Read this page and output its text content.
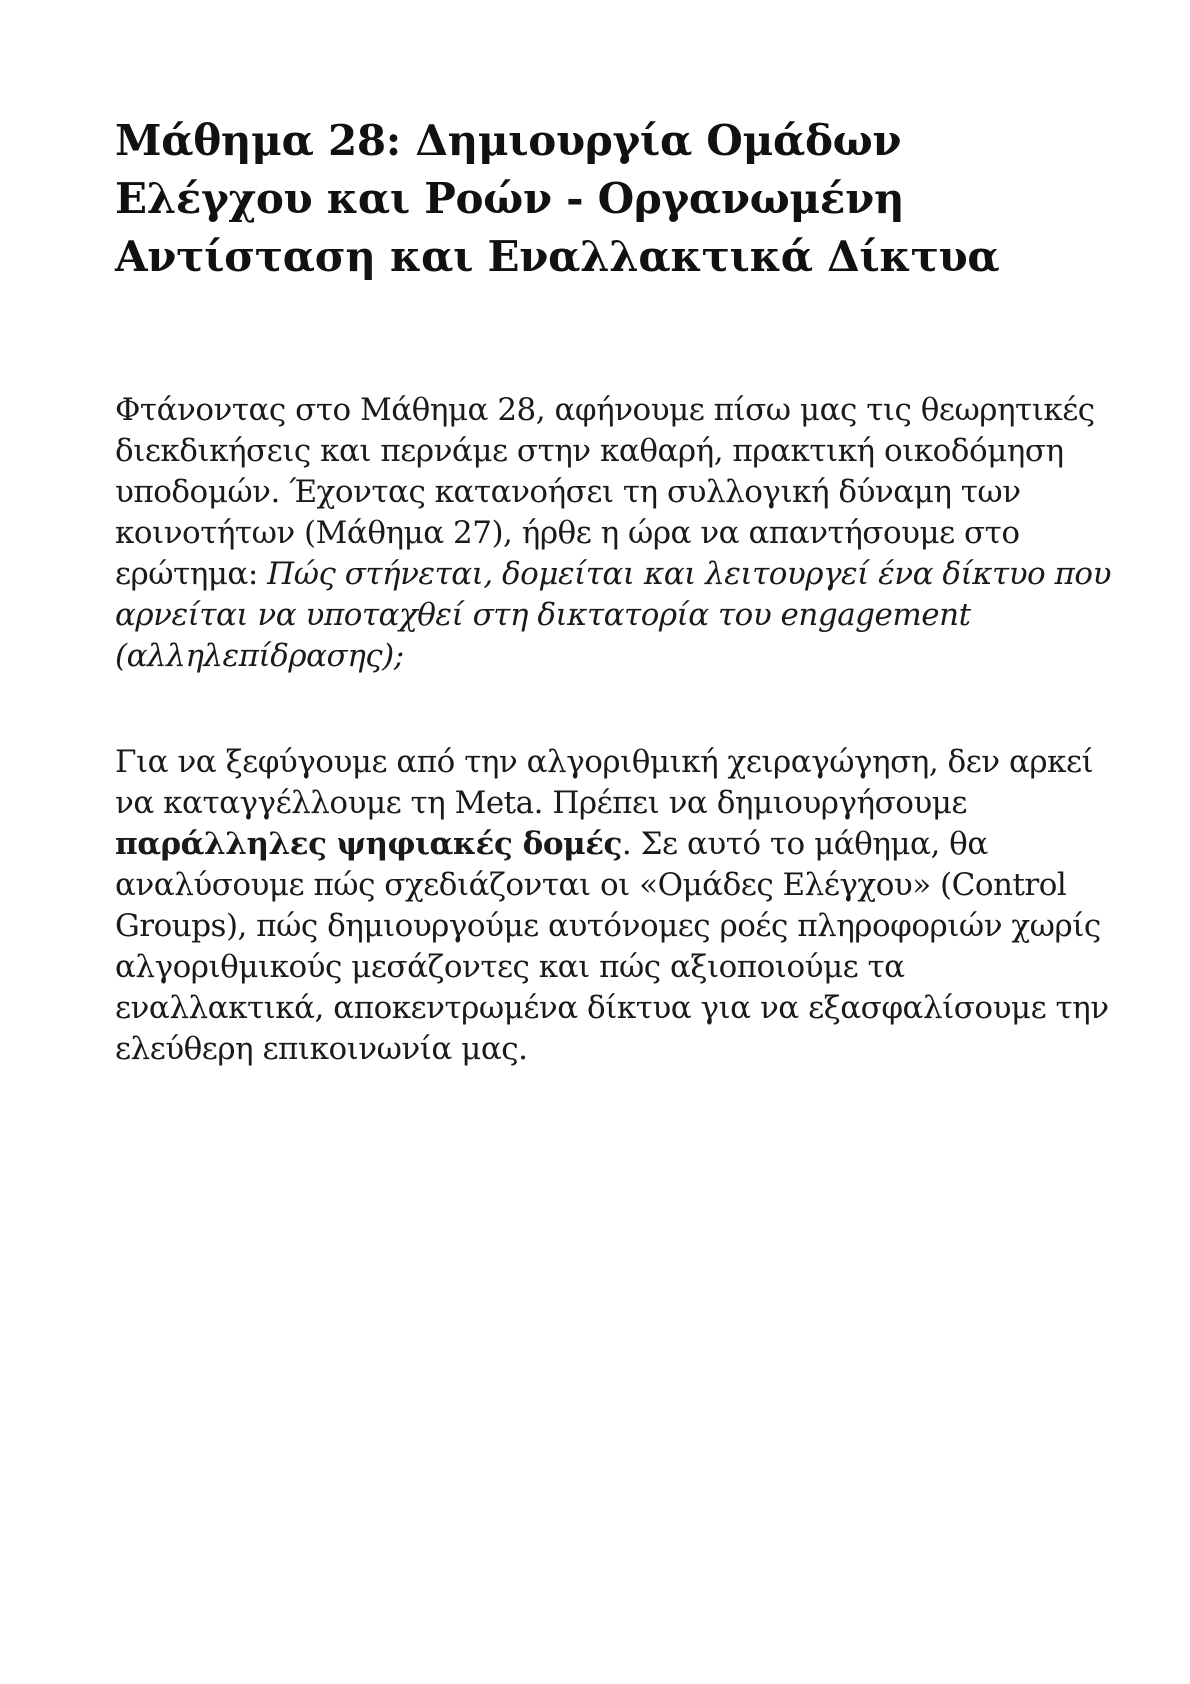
Μάθημα 28: Δημιουργία Ομάδων Ελέγχου και Ροών - Οργανωμένη Αντίσταση και Εναλλακτικά Δίκτυα

Φτάνοντας στο Μάθημα 28, αφήνουμε πίσω μας τις θεωρητικές διεκδικήσεις και περνάμε στην καθαρή, πρακτική οικοδόμηση υποδομών. Έχοντας κατανοήσει τη συλλογική δύναμη των κοινοτήτων (Μάθημα 27), ήρθε η ώρα να απαντήσουμε στο ερώτημα: Πώς στήνεται, δομείται και λειτουργεί ένα δίκτυο που αρνείται να υποταχθεί στη δικτατορία του engagement (αλληλεπίδρασης);

Για να ξεφύγουμε από την αλγοριθμική χειραγώγηση, δεν αρκεί να καταγγέλλουμε τη Meta. Πρέπει να δημιουργήσουμε παράλληλες ψηφιακές δομές. Σε αυτό το μάθημα, θα αναλύσουμε πώς σχεδιάζονται οι «Ομάδες Ελέγχου» (Control Groups), πώς δημιουργούμε αυτόνομες ροές πληροφοριών χωρίς αλγοριθμικούς μεσάζοντες και πώς αξιοποιούμε τα εναλλακτικά, αποκεντρωμένα δίκτυα για να εξασφαλίσουμε την ελεύθερη επικοινωνία μας.
